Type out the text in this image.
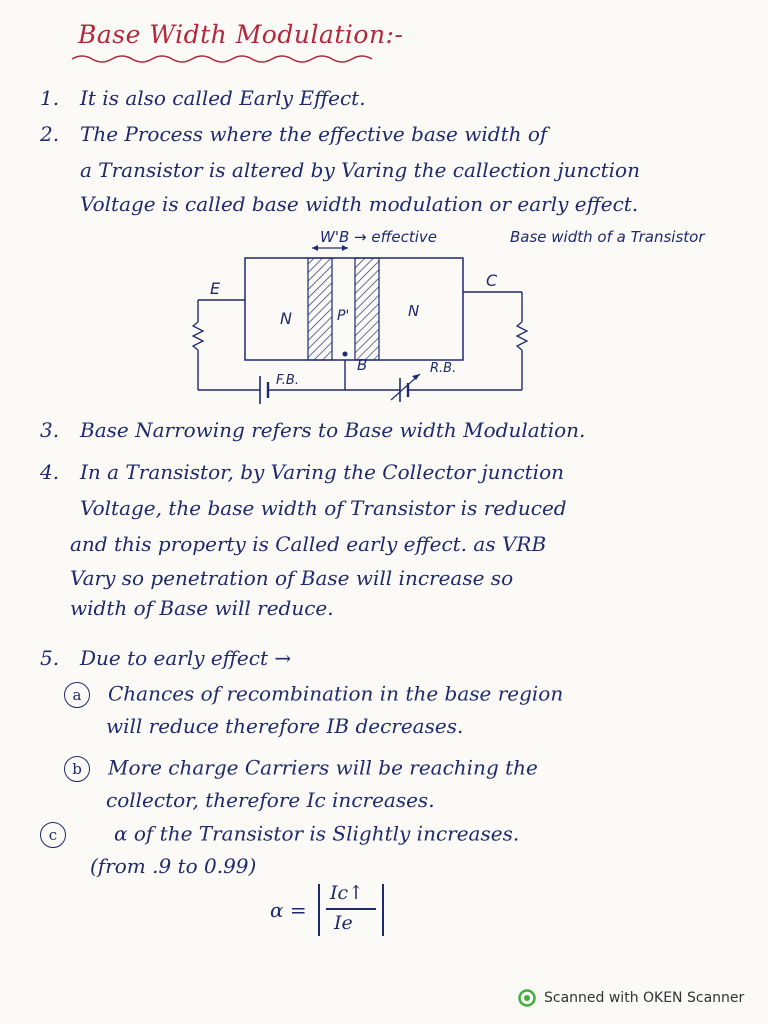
Base Width Modulation:-
1. It is also called Early Effect.
2. The Process where the effective base width of
a Transistor is altered by Varing the callection junction
Voltage is called base width modulation or early effect.
W'B → effective	Base width of a Transistor
N	P'	N
E	C
B
F.B.
R.B.
3. Base Narrowing refers to Base width Modulation.
4. In a Transistor, by Varing the Collector junction
Voltage, the base width of Transistor is reduced
and this property is Called early effect. as VRB
Vary so penetration of Base will increase so
width of Base will reduce.
5. Due to early effect →
a Chances of recombination in the base region
will reduce therefore IB decreases.
b More charge Carriers will be reaching the
collector, therefore Ic increases.
c	α of the Transistor is Slightly increases.
(from .9 to 0.99)
α =
Ic↑
Ie
Scanned with OKEN Scanner
